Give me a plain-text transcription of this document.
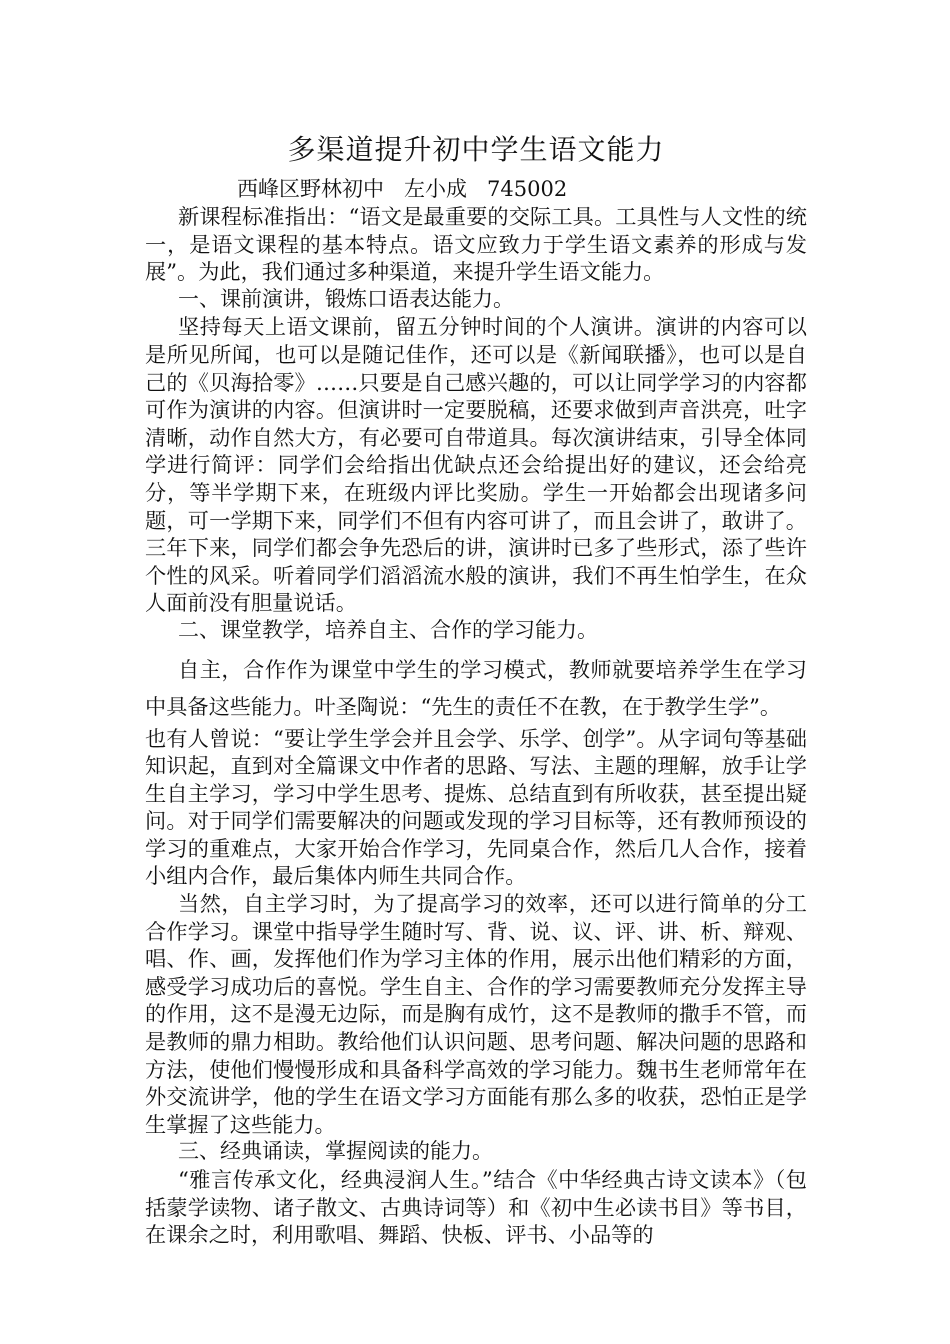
多渠道提升初中学生语文能力
西峰区野林初中   左小成   745002

新课程标准指出：“语文是最重要的交际工具。工具性与人文性的统一，是语文课程的基本特点。语文应致力于学生语文素养的形成与发展”。为此，我们通过多种渠道，来提升学生语文能力。

一、课前演讲，锻炼口语表达能力。

坚持每天上语文课前，留五分钟时间的个人演讲。演讲的内容可以是所见所闻，也可以是随记佳作，还可以是《新闻联播》，也可以是自己的《贝海拾零》……只要是自己感兴趣的，可以让同学学习的内容都可作为演讲的内容。但演讲时一定要脱稿，还要求做到声音洪亮，吐字清晰，动作自然大方，有必要可自带道具。每次演讲结束，引导全体同学进行简评：同学们会给指出优缺点还会给提出好的建议，还会给亮分，等半学期下来，在班级内评比奖励。学生一开始都会出现诸多问题，可一学期下来，同学们不但有内容可讲了，而且会讲了，敢讲了。三年下来，同学们都会争先恐后的讲，演讲时已多了些形式，添了些许个性的风采。听着同学们滔滔流水般的演讲，我们不再生怕学生，在众人面前没有胆量说话。

二、课堂教学，培养自主、合作的学习能力。

自主，合作作为课堂中学生的学习模式，教师就要培养学生在学习中具备这些能力。叶圣陶说：“先生的责任不在教，在于教学生学”。

也有人曾说：“要让学生学会并且会学、乐学、创学”。从字词句等基础知识起，直到对全篇课文中作者的思路、写法、主题的理解，放手让学生自主学习，学习中学生思考、提炼、总结直到有所收获，甚至提出疑问。对于同学们需要解决的问题或发现的学习目标等，还有教师预设的学习的重难点，大家开始合作学习，先同桌合作，然后几人合作，接着小组内合作，最后集体内师生共同合作。

当然，自主学习时，为了提高学习的效率，还可以进行简单的分工合作学习。课堂中指导学生随时写、背、说、议、评、讲、析、辩观、唱、作、画，发挥他们作为学习主体的作用，展示出他们精彩的方面，感受学习成功后的喜悦。学生自主、合作的学习需要教师充分发挥主导的作用，这不是漫无边际，而是胸有成竹，这不是教师的撒手不管，而是教师的鼎力相助。教给他们认识问题、思考问题、解决问题的思路和方法，使他们慢慢形成和具备科学高效的学习能力。魏书生老师常年在外交流讲学，他的学生在语文学习方面能有那么多的收获，恐怕正是学生掌握了这些能力。

三、经典诵读，掌握阅读的能力。

“雅言传承文化，经典浸润人生。”结合《中华经典古诗文读本》（包括蒙学读物、诸子散文、古典诗词等）和《初中生必读书目》等书目，在课余之时，利用歌唱、舞蹈、快板、评书、小品等的
